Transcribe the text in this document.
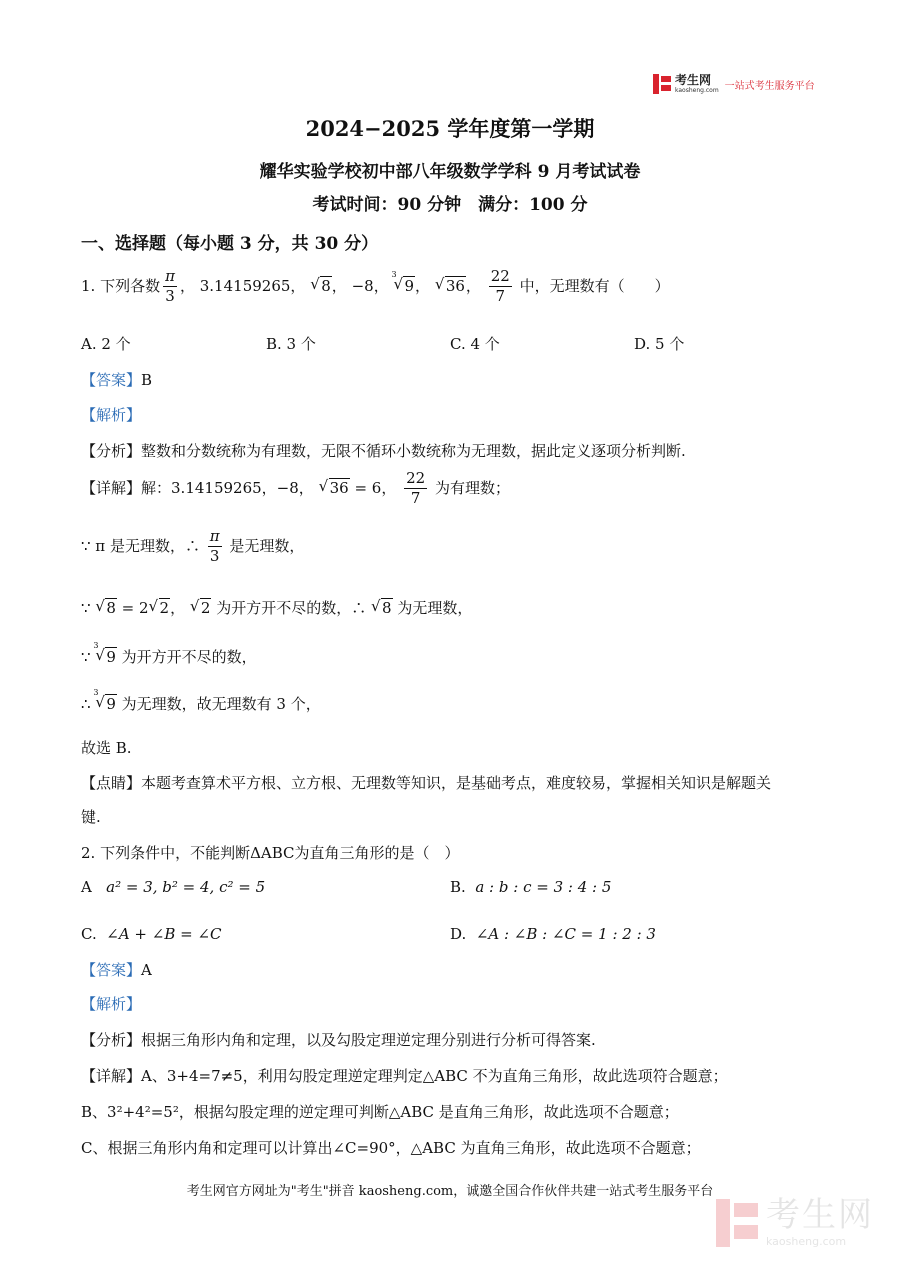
考生网
kaosheng.com 一站式考生服务平台
2024−2025 学年度第一学期
耀华实验学校初中部八年级数学学科 9 月考试试卷
考试时间：90 分钟　满分：100 分
一、选择题（每小题 3 分，共 30 分）
1. 下列各数 $\frac{\pi}{3}$ ， 3.14159265， √ 8， −8，
3
√ 9， √ 36， $\frac{22}{7}$ 中，无理数有（　　）
A. 2 个	B. 3 个	C. 4 个	D. 5 个
【答案】B
【解析】
【分析】整数和分数统称为有理数，无限不循环小数统称为无理数，据此定义逐项分析判断.
【详解】解：3.14159265，−8， √ 36 = 6， $\frac{22}{7}$ 为有理数；
∵ π 是无理数，∴ $\frac{\pi}{3}$ 是无理数，
∵ √ 8 = 2 √ 2， √ 2 为开方开不尽的数，∴ √ 8 为无理数，
∵
3
√ 9 为开方开不尽的数，
∴
3
√ 9 为无理数，故无理数有 3 个，
故选 B.
【点睛】本题考查算术平方根、立方根、无理数等知识，是基础考点，难度较易，掌握相关知识是解题关
键.
2. 下列条件中，不能判断ΔABC为直角三角形的是（　）
A a² = 3, b² = 4, c² = 5	B. a : b : c = 3 : 4 : 5
C. ∠A + ∠B = ∠C	D. ∠A : ∠B : ∠C = 1 : 2 : 3
【答案】A
【解析】
【分析】根据三角形内角和定理，以及勾股定理逆定理分别进行分析可得答案.
【详解】A、3+4=7≠5，利用勾股定理逆定理判定△ABC 不为直角三角形，故此选项符合题意；
B、3²+4²=5²，根据勾股定理的逆定理可判断△ABC 是直角三角形，故此选项不合题意；
C、根据三角形内角和定理可以计算出∠C=90°，△ABC 为直角三角形，故此选项不合题意；
考生网官方网址为"考生"拼音 kaosheng.com，诚邀全国合作伙伴共建一站式考生服务平台
考生网
kaosheng.com
